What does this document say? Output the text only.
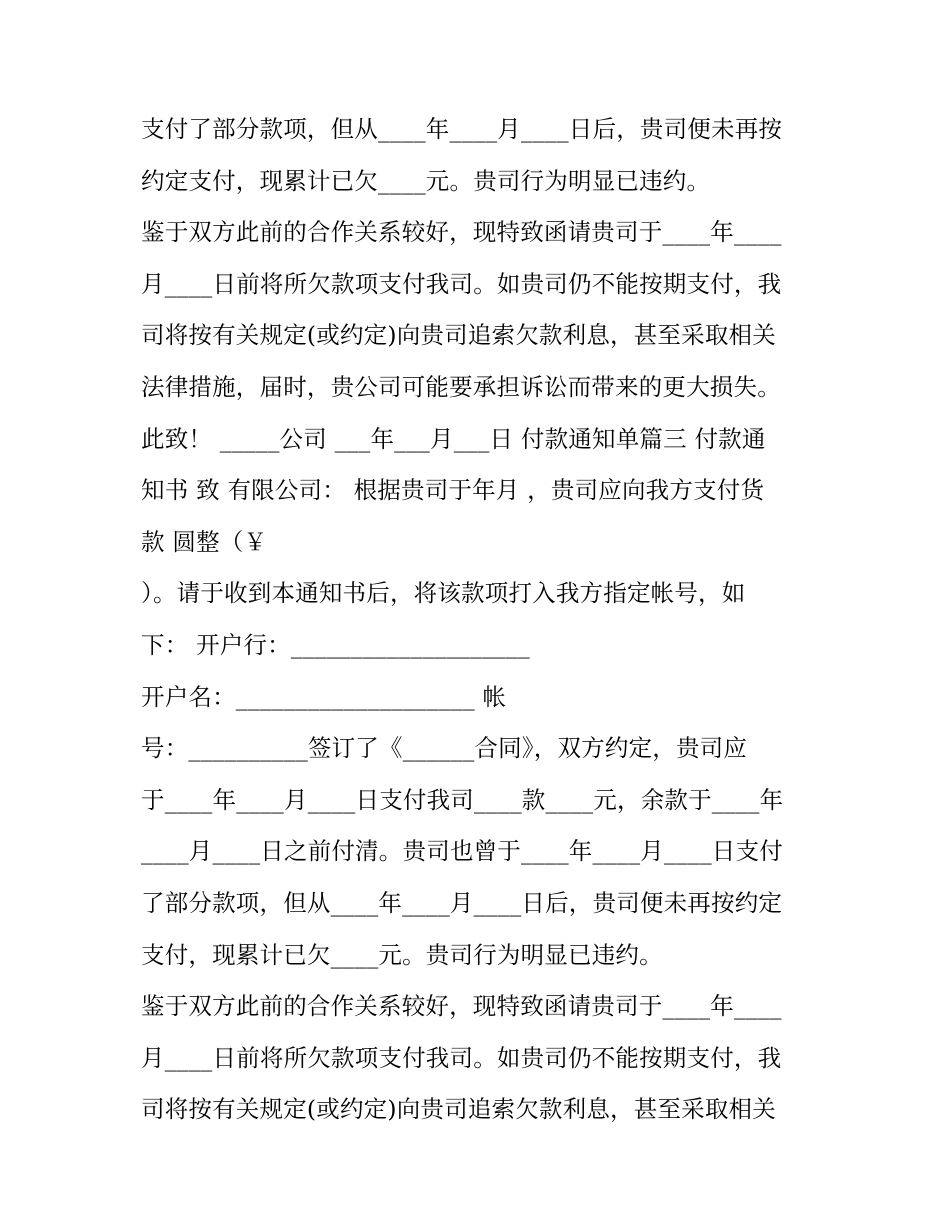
支付了部分款项，但从____年____月____日后，贵司便未再按
约定支付，现累计已欠____元。贵司行为明显已违约。
鉴于双方此前的合作关系较好，现特致函请贵司于____年____
月____日前将所欠款项支付我司。如贵司仍不能按期支付，我
司将按有关规定(或约定)向贵司追索欠款利息，甚至采取相关
法律措施，届时，贵公司可能要承担诉讼而带来的更大损失。
此致！ _____公司 ___年___月___日 付款通知单篇三 付款通
知书 致 有限公司： 根据贵司于年月 ，贵司应向我方支付货
款 圆整（￥
）。请于收到本通知书后，将该款项打入我方指定帐号，如
下： 开户行：____________________
开户名：____________________ 帐
号：__________签订了《______合同》，双方约定，贵司应
于____年____月____日支付我司____款____元，余款于____年
____月____日之前付清。贵司也曾于____年____月____日支付
了部分款项，但从____年____月____日后，贵司便未再按约定
支付，现累计已欠____元。贵司行为明显已违约。
鉴于双方此前的合作关系较好，现特致函请贵司于____年____
月____日前将所欠款项支付我司。如贵司仍不能按期支付，我
司将按有关规定(或约定)向贵司追索欠款利息，甚至采取相关
